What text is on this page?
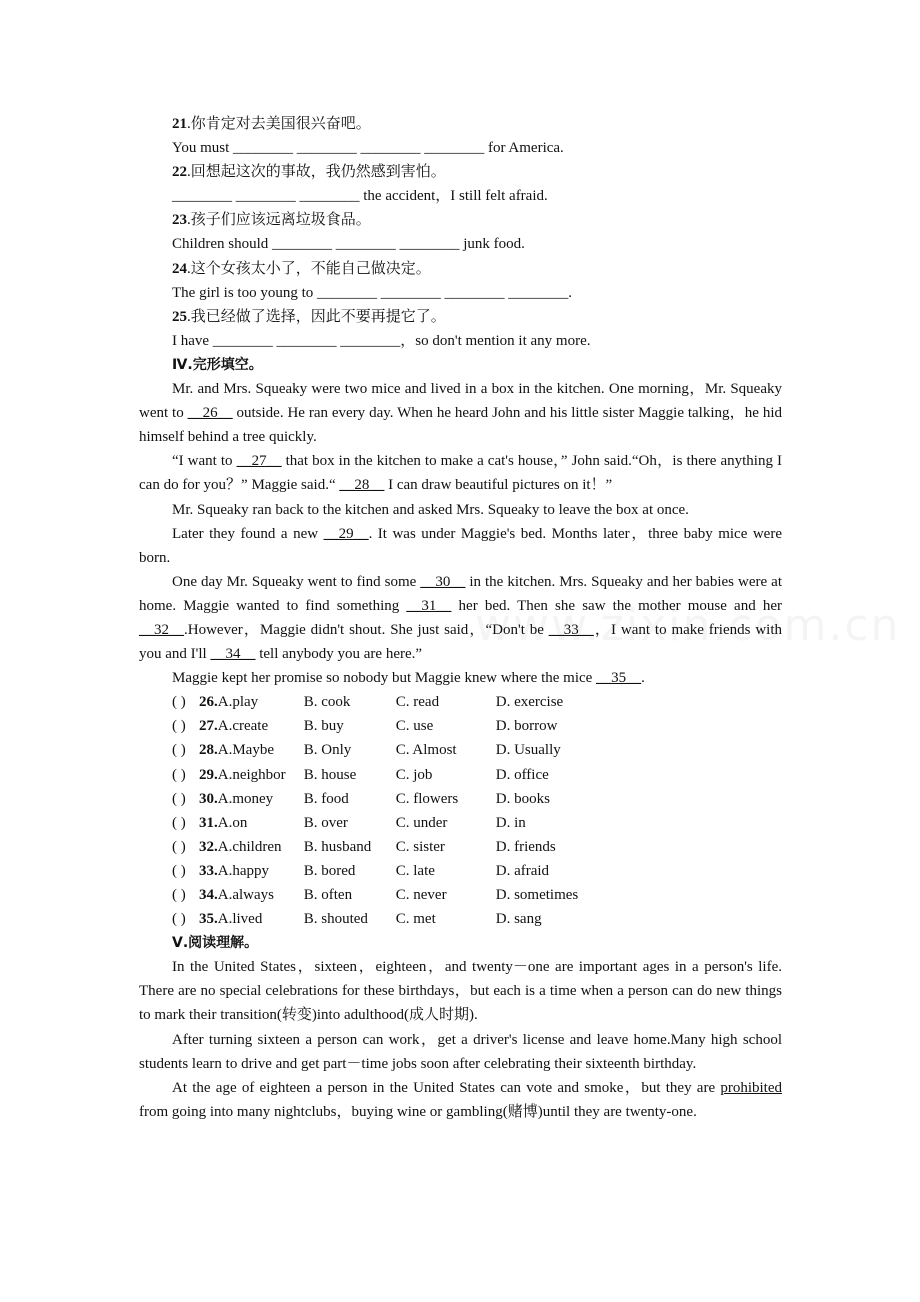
21.你肯定对去美国很兴奋吧。
You must ________ ________ ________ ________ for America.
22.回想起这次的事故，我仍然感到害怕。
________ ________ ________ the accident，I still felt afraid.
23.孩子们应该远离垃圾食品。
Children should ________ ________ ________ junk food.
24.这个女孩太小了，不能自己做决定。
The girl is too young to ________ ________ ________ ________.
25.我已经做了选择，因此不要再提它了。
I have ________ ________ ________，so don't mention it any more.
Ⅳ.完形填空。
Mr. and Mrs. Squeaky were two mice and lived in a box in the kitchen. One morning，Mr. Squeaky went to __26__ outside. He ran every day. When he heard John and his little sister Maggie talking，he hid himself behind a tree quickly.
“I want to __27__ that box in the kitchen to make a cat's house，” John said.“Oh，is there anything I can do for you？” Maggie said.“ __28__ I can draw beautiful pictures on it！”
Mr. Squeaky ran back to the kitchen and asked Mrs. Squeaky to leave the box at once.
Later they found a new __29__. It was under Maggie's bed. Months later，three baby mice were born.
One day Mr. Squeaky went to find some __30__ in the kitchen. Mrs. Squeaky and her babies were at home. Maggie wanted to find something __31__ her bed. Then she saw the mother mouse and her __32__.However，Maggie didn't shout. She just said，“Don't be __33__，I want to make friends with you and I'll __34__ tell anybody you are here.”
Maggie kept her promise so nobody but Maggie knew where the mice __35__.
( ) 26. A.play	B. cook	C. read	D. exercise
( ) 27. A.create	B. buy	C. use	D. borrow
( ) 28. A.Maybe	B. Only	C. Almost	D. Usually
( ) 29. A.neighbor	B. house	C. job	D. office
( ) 30. A.money	B. food	C. flowers	D. books
( ) 31. A.on	B. over	C. under	D. in
( ) 32. A.children	B. husband	C. sister	D. friends
( ) 33. A.happy	B. bored	C. late	D. afraid
( ) 34. A.always	B. often	C. never	D. sometimes
( ) 35. A.lived	B. shouted	C. met	D. sang
Ⅴ.阅读理解。
In the United States，sixteen，eighteen，and twenty－one are important ages in a person's life. There are no special celebrations for these birthdays，but each is a time when a person can do new things to mark their transition(转变)into adulthood(成人时期).
After turning sixteen a person can work，get a driver's license and leave home.Many high school students learn to drive and get part－time jobs soon after celebrating their sixteenth birthday.
At the age of eighteen a person in the United States can vote and smoke，but they are prohibited from going into many nightclubs，buying wine or gambling(赌博)until they are twenty-one.
